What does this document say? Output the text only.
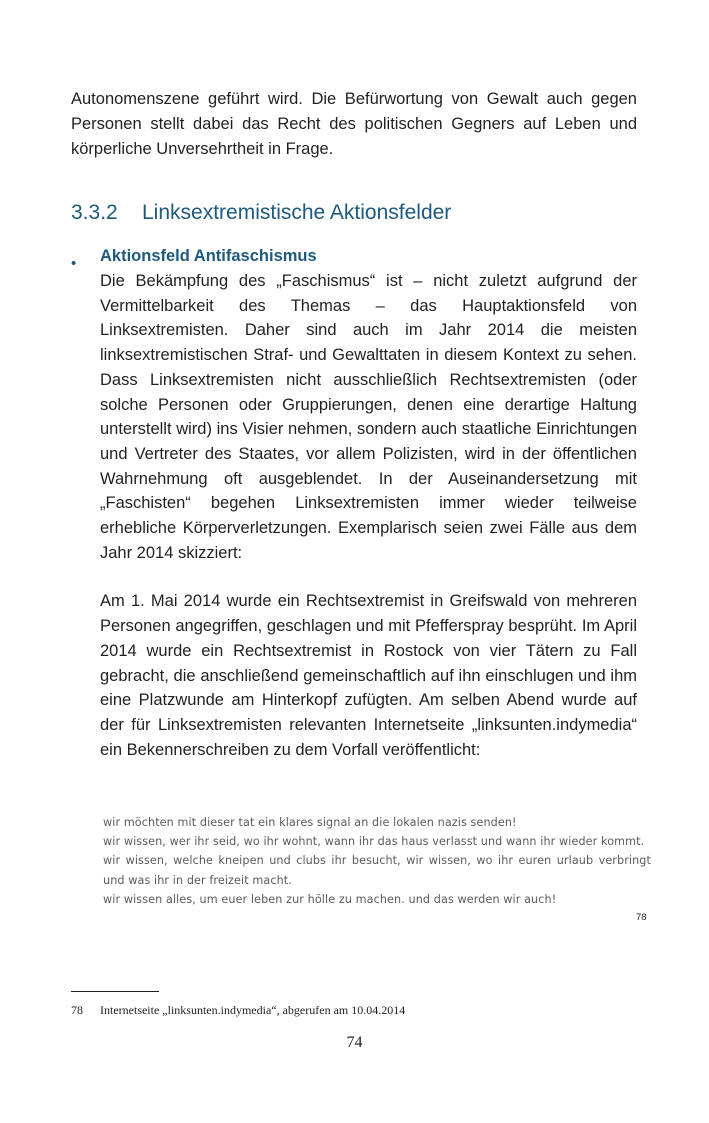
Autonomenszene geführt wird. Die Befürwortung von Gewalt auch gegen Personen stellt dabei das Recht des politischen Gegners auf Leben und körperliche Unversehrtheit in Frage.

3.3.2 Linksextremistische Aktionsfelder
• Aktionsfeld Antifaschismus

Die Bekämpfung des „Faschismus“ ist – nicht zuletzt aufgrund der Vermittelbarkeit des Themas – das Hauptaktionsfeld von Linksextremisten. Daher sind auch im Jahr 2014 die meisten linksextremistischen Straf- und Gewalttaten in diesem Kontext zu sehen. Dass Linksextremisten nicht ausschließlich Rechtsextremisten (oder solche Personen oder Gruppierungen, denen eine derartige Haltung unterstellt wird) ins Visier nehmen, sondern auch staatliche Einrichtungen und Vertreter des Staates, vor allem Polizisten, wird in der öffentlichen Wahrnehmung oft ausgeblendet. In der Auseinandersetzung mit „Faschisten“ begehen Linksextremisten immer wieder teilweise erhebliche Körperverletzungen. Exemplarisch seien zwei Fälle aus dem Jahr 2014 skizziert:

Am 1. Mai 2014 wurde ein Rechtsextremist in Greifswald von mehreren Personen angegriffen, geschlagen und mit Pfefferspray besprüht. Im April 2014 wurde ein Rechtsextremist in Rostock von vier Tätern zu Fall gebracht, die anschließend gemeinschaftlich auf ihn einschlugen und ihm eine Platzwunde am Hinterkopf zufügten. Am selben Abend wurde auf der für Linksextremisten relevanten Internetseite „linksunten.indymedia“ ein Bekennerschreiben zu dem Vorfall veröffentlicht:

wir möchten mit dieser tat ein klares signal an die lokalen nazis senden!
wir wissen, wer ihr seid, wo ihr wohnt, wann ihr das haus verlasst und wann ihr wieder kommt.
wir wissen, welche kneipen und clubs ihr besucht, wir wissen, wo ihr euren urlaub verbringt und was ihr in der freizeit macht.
wir wissen alles, um euer leben zur hölle zu machen. und das werden wir auch!
78
78 Internetseite „linksunten.indymedia“, abgerufen am 10.04.2014
74
